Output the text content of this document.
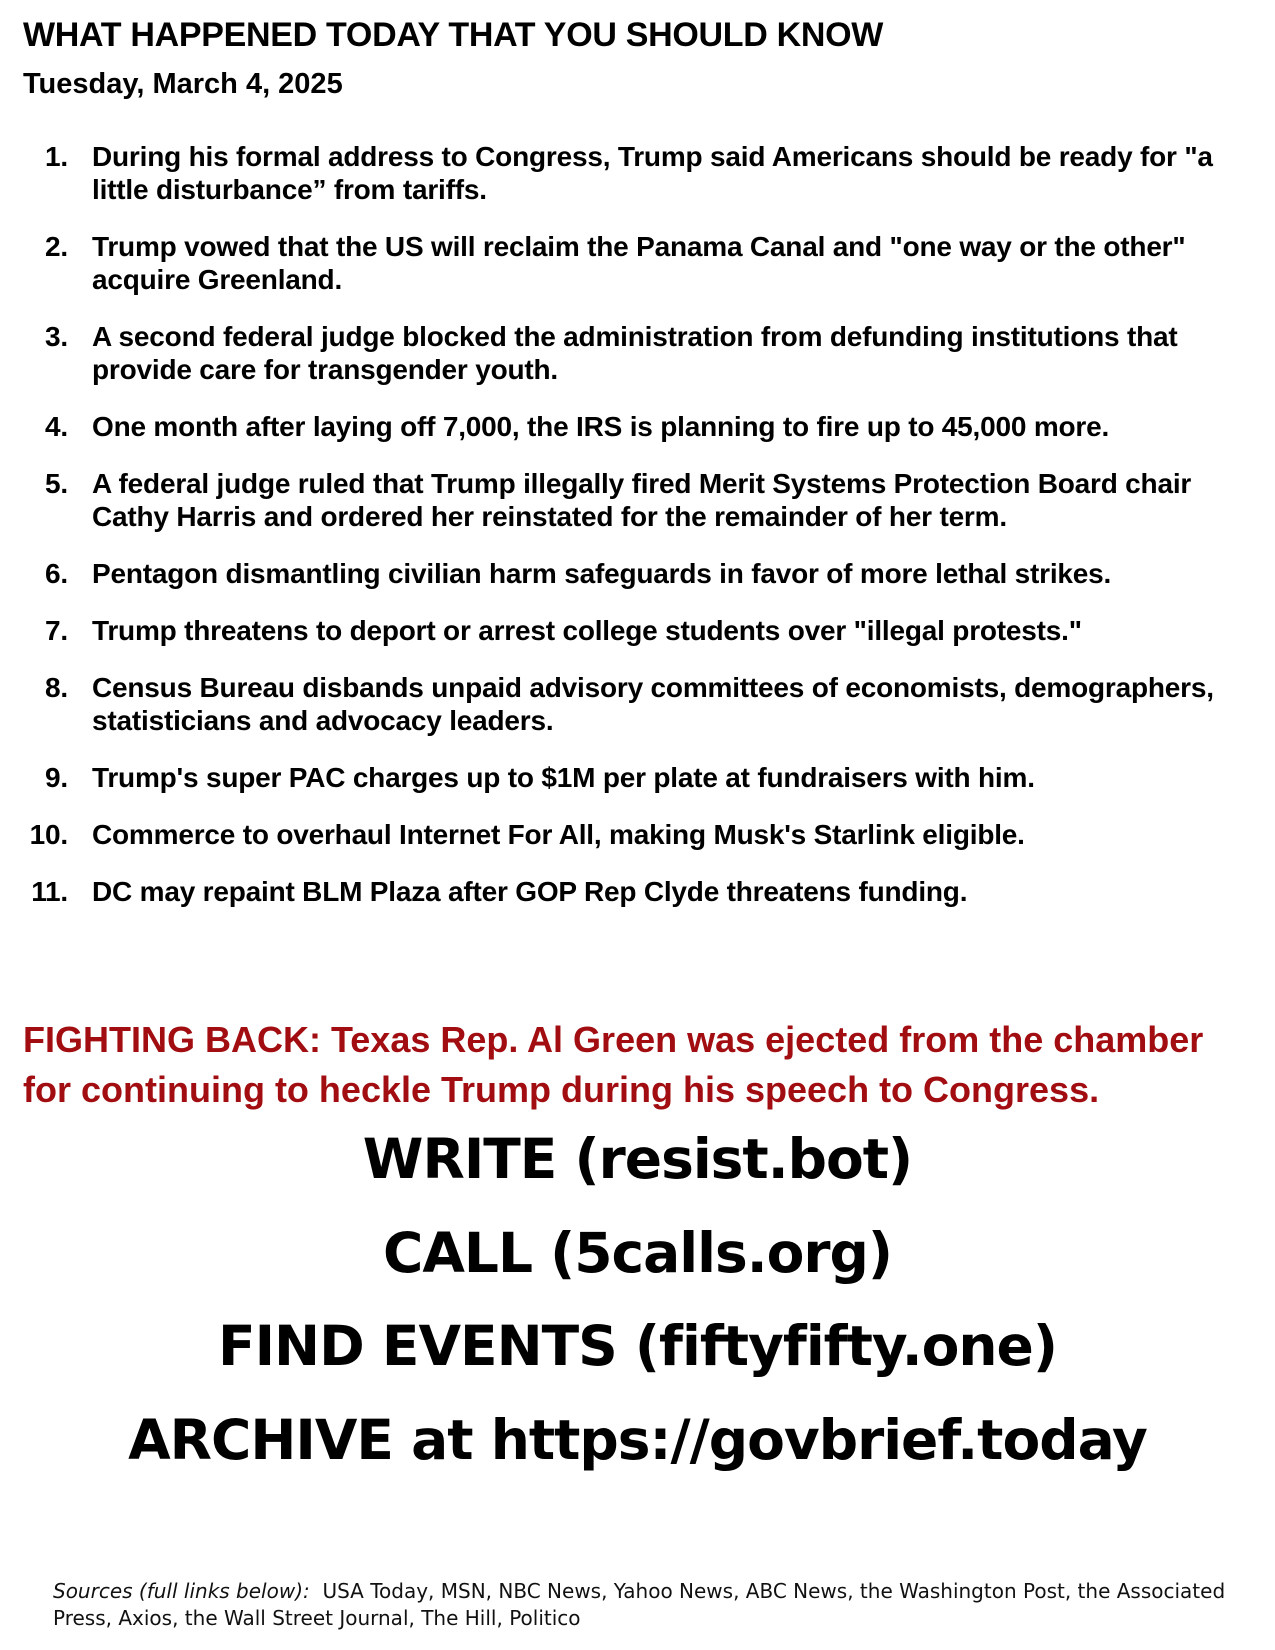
WHAT HAPPENED TODAY THAT YOU SHOULD KNOW
Tuesday, March 4, 2025
1. During his formal address to Congress, Trump said Americans should be ready for "a little disturbance” from tariffs.
2. Trump vowed that the US will reclaim the Panama Canal and "one way or the other" acquire Greenland.
3. A second federal judge blocked the administration from defunding institutions that provide care for transgender youth.
4. One month after laying off 7,000, the IRS is planning to fire up to 45,000 more.
5. A federal judge ruled that Trump illegally fired Merit Systems Protection Board chair Cathy Harris and ordered her reinstated for the remainder of her term.
6. Pentagon dismantling civilian harm safeguards in favor of more lethal strikes.
7. Trump threatens to deport or arrest college students over "illegal protests."
8. Census Bureau disbands unpaid advisory committees of economists, demographers, statisticians and advocacy leaders.
9. Trump's super PAC charges up to $1M per plate at fundraisers with him.
10. Commerce to overhaul Internet For All, making Musk's Starlink eligible.
11. DC may repaint BLM Plaza after GOP Rep Clyde threatens funding.

FIGHTING BACK: Texas Rep. Al Green was ejected from the chamber for continuing to heckle Trump during his speech to Congress.

WRITE (resist.bot)

CALL (5calls.org)

FIND EVENTS (fiftyfifty.one)

ARCHIVE at https://govbrief.today

Sources (full links below): USA Today, MSN, NBC News, Yahoo News, ABC News, the Washington Post, the Associated Press, Axios, the Wall Street Journal, The Hill, Politico
